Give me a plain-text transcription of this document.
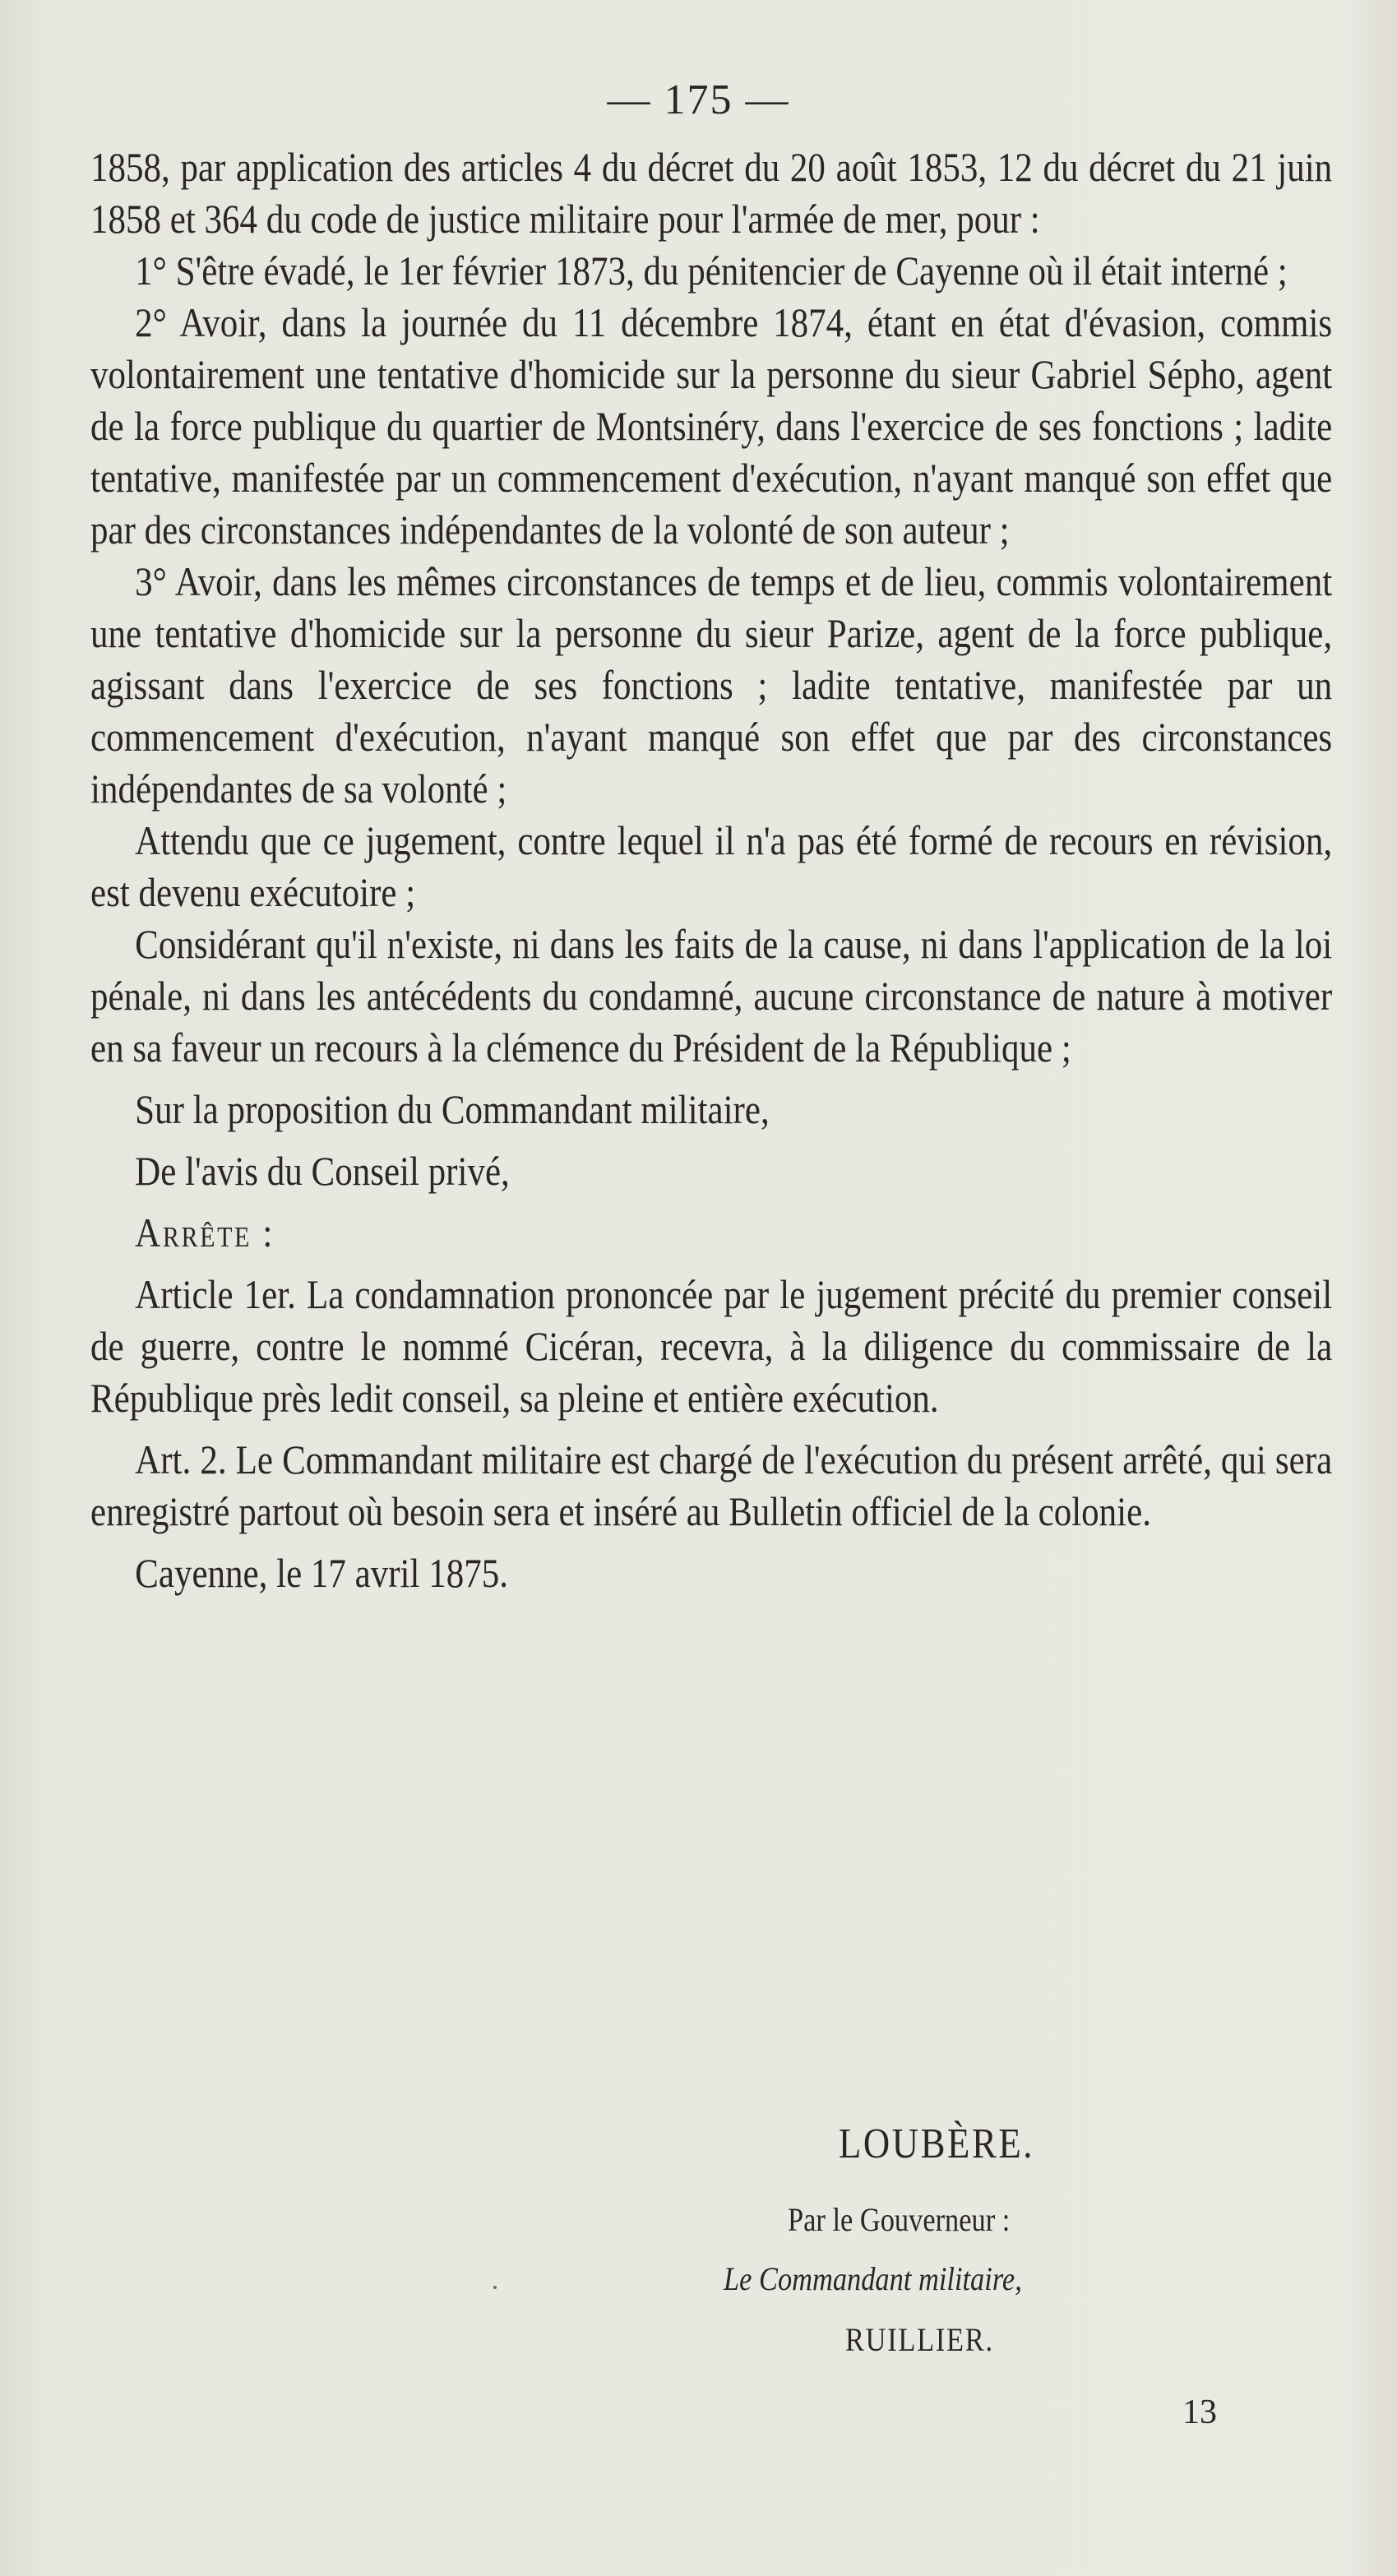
— 175 —

1858, par application des articles 4 du décret du 20 août 1853, 12 du décret du 21 juin 1858 et 364 du code de justice militaire pour l'armée de mer, pour :

1° S'être évadé, le 1er février 1873, du pénitencier de Cayenne où il était interné ;

2° Avoir, dans la journée du 11 décembre 1874, étant en état d'évasion, commis volontairement une tentative d'homicide sur la personne du sieur Gabriel Sépho, agent de la force publique du quartier de Montsinéry, dans l'exercice de ses fonctions ; ladite tentative, manifestée par un commencement d'exécution, n'ayant manqué son effet que par des circonstances indépendantes de la volonté de son auteur ;

3° Avoir, dans les mêmes circonstances de temps et de lieu, commis volontairement une tentative d'homicide sur la personne du sieur Parize, agent de la force publique, agissant dans l'exercice de ses fonctions ; ladite tentative, manifestée par un commencement d'exécution, n'ayant manqué son effet que par des circonstances indépendantes de sa volonté ;

Attendu que ce jugement, contre lequel il n'a pas été formé de recours en révision, est devenu exécutoire ;

Considérant qu'il n'existe, ni dans les faits de la cause, ni dans l'application de la loi pénale, ni dans les antécédents du condamné, aucune circonstance de nature à motiver en sa faveur un recours à la clémence du Président de la République ;

Sur la proposition du Commandant militaire,

De l'avis du Conseil privé,

Arrête :

Article 1er. La condamnation prononcée par le jugement précité du premier conseil de guerre, contre le nommé Cicéran, recevra, à la diligence du commissaire de la République près ledit conseil, sa pleine et entière exécution.

Art. 2. Le Commandant militaire est chargé de l'exécution du présent arrêté, qui sera enregistré partout où besoin sera et inséré au Bulletin officiel de la colonie.

Cayenne, le 17 avril 1875.

LOUBÈRE.
Par le Gouverneur :
Le Commandant militaire,
RUILLIER.
13
